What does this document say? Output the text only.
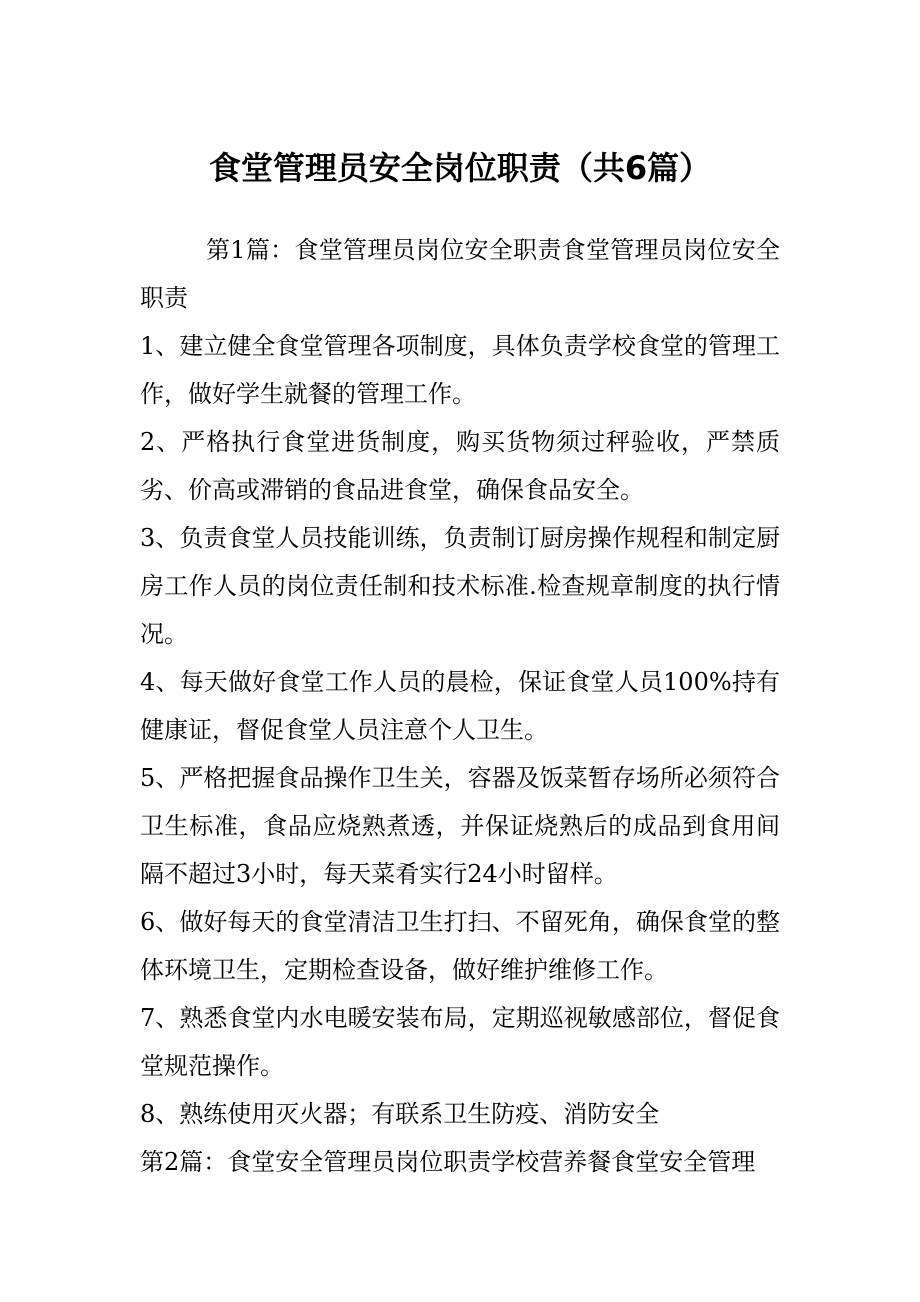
食堂管理员安全岗位职责（共6篇）

第1篇：食堂管理员岗位安全职责食堂管理员岗位安全职责

1、建立健全食堂管理各项制度，具体负责学校食堂的管理工作，做好学生就餐的管理工作。

2、严格执行食堂进货制度，购买货物须过秤验收，严禁质劣、价高或滞销的食品进食堂，确保食品安全。

3、负责食堂人员技能训练，负责制订厨房操作规程和制定厨房工作人员的岗位责任制和技术标准.检查规章制度的执行情况。

4、每天做好食堂工作人员的晨检，保证食堂人员100%持有健康证，督促食堂人员注意个人卫生。

5、严格把握食品操作卫生关，容器及饭菜暂存场所必须符合卫生标准，食品应烧熟煮透，并保证烧熟后的成品到食用间隔不超过3小时，每天菜肴实行24小时留样。

6、做好每天的食堂清洁卫生打扫、不留死角，确保食堂的整体环境卫生，定期检查设备，做好维护维修工作。

7、熟悉食堂内水电暖安装布局，定期巡视敏感部位，督促食堂规范操作。

8、熟练使用灭火器；有联系卫生防疫、消防安全

第2篇：食堂安全管理员岗位职责学校营养餐食堂安全管理
